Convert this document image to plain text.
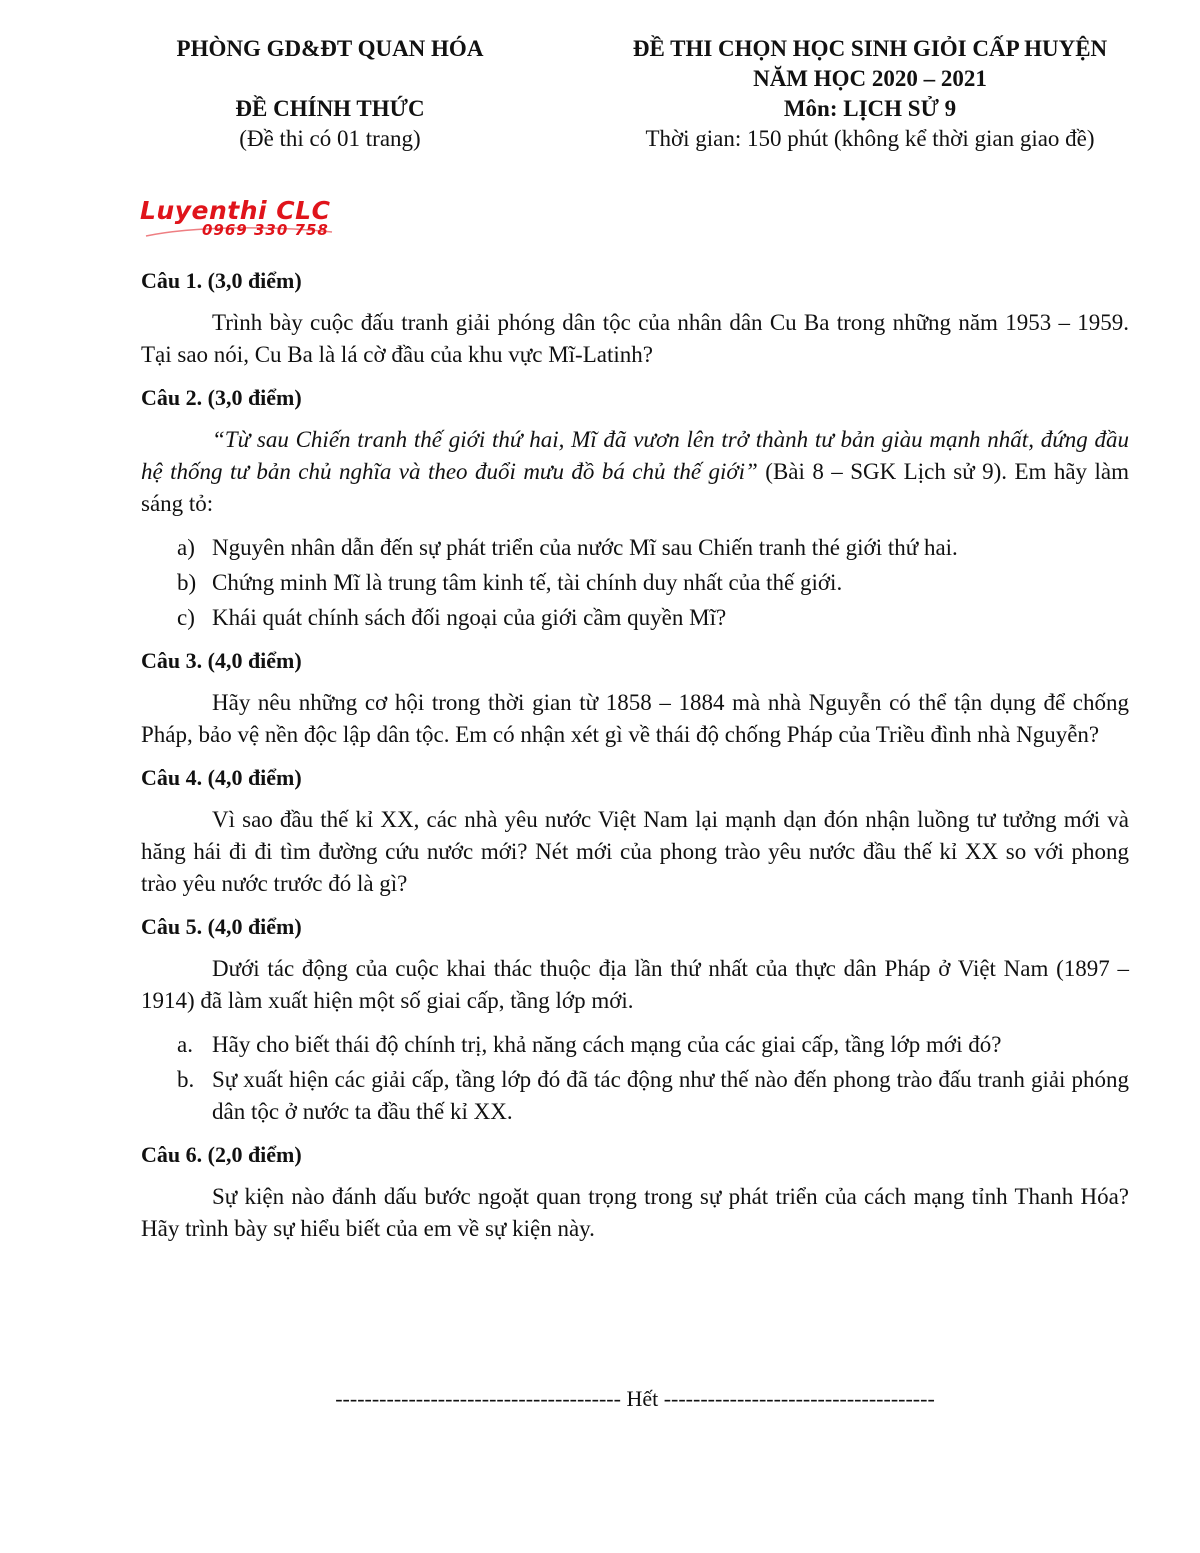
PHÒNG GD&ĐT QUAN HÓA
ĐỀ CHÍNH THỨC
(Đề thi có 01 trang)
ĐỀ THI CHỌN HỌC SINH GIỎI CẤP HUYỆN
NĂM HỌC 2020 – 2021
Môn: LỊCH SỬ 9
Thời gian: 150 phút (không kể thời gian giao đề)
Luyenthi CLC
0969 330 758
Câu 1. (3,0 điểm)
Trình bày cuộc đấu tranh giải phóng dân tộc của nhân dân Cu Ba trong những năm 1953 – 1959. Tại sao nói, Cu Ba là lá cờ đầu của khu vực Mĩ-Latinh?
Câu 2. (3,0 điểm)
“Từ sau Chiến tranh thế giới thứ hai, Mĩ đã vươn lên trở thành tư bản giàu mạnh nhất, đứng đầu hệ thống tư bản chủ nghĩa và theo đuổi mưu đồ bá chủ thế giới” (Bài 8 – SGK Lịch sử 9). Em hãy làm sáng tỏ:
a) Nguyên nhân dẫn đến sự phát triển của nước Mĩ sau Chiến tranh thé giới thứ hai.
b) Chứng minh Mĩ là trung tâm kinh tế, tài chính duy nhất của thế giới.
c) Khái quát chính sách đối ngoại của giới cầm quyền Mĩ?
Câu 3. (4,0 điểm)
Hãy nêu những cơ hội trong thời gian từ 1858 – 1884 mà nhà Nguyễn có thể tận dụng để chống Pháp, bảo vệ nền độc lập dân tộc. Em có nhận xét gì về thái độ chống Pháp của Triều đình nhà Nguyễn?
Câu 4. (4,0 điểm)
Vì sao đầu thế kỉ XX, các nhà yêu nước Việt Nam lại mạnh dạn đón nhận luồng tư tưởng mới và hăng hái đi đi tìm đường cứu nước mới? Nét mới của phong trào yêu nước đầu thế kỉ XX so với phong trào yêu nước trước đó là gì?
Câu 5. (4,0 điểm)
Dưới tác động của cuộc khai thác thuộc địa lần thứ nhất của thực dân Pháp ở Việt Nam (1897 – 1914) đã làm xuất hiện một số giai cấp, tầng lớp mới.
a. Hãy cho biết thái độ chính trị, khả năng cách mạng của các giai cấp, tầng lớp mới đó?
b. Sự xuất hiện các giải cấp, tầng lớp đó đã tác động như thế nào đến phong trào đấu tranh giải phóng dân tộc ở nước ta đầu thế kỉ XX.
Câu 6. (2,0 điểm)
Sự kiện nào đánh dấu bước ngoặt quan trọng trong sự phát triển của cách mạng tỉnh Thanh Hóa? Hãy trình bày sự hiểu biết của em về sự kiện này.
--------------------------------------- Hết -------------------------------------
